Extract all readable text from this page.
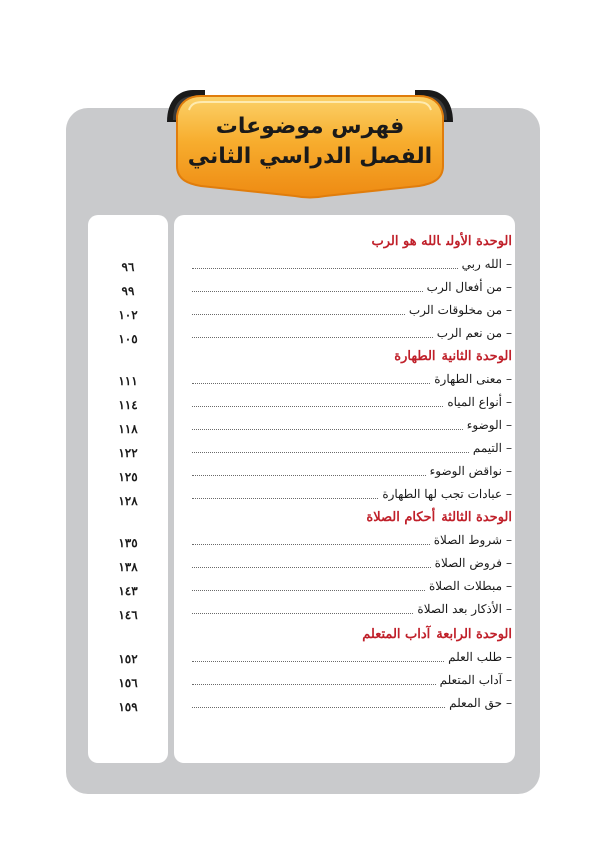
فهرس موضوعات
الفصل الدراسي الثاني
٩٦
٩٩
١٠٢
١٠٥
١١١
١١٤
١١٨
١٢٢
١٢٥
١٢٨
١٣٥
١٣٨
١٤٣
١٤٦
١٥٢
١٥٦
١٥٩
الوحدة الأولىالله هو الرب
–
الله ربي
–
من أفعال الرب
–
من مخلوقات الرب
–
من نعم الرب
الوحدة الثانيةالطهارة
–
معنى الطهارة
–
أنواع المياه
–
الوضوء
–
التيمم
–
نواقض الوضوء
–
عبادات تجب لها الطهارة
الوحدة الثالثةأحكام الصلاة
–
شروط الصلاة
–
فروض الصلاة
–
مبطلات الصلاة
–
الأذكار بعد الصلاة
الوحدة الرابعةآداب المتعلم
–
طلب العلم
–
آداب المتعلم
–
حق المعلم
